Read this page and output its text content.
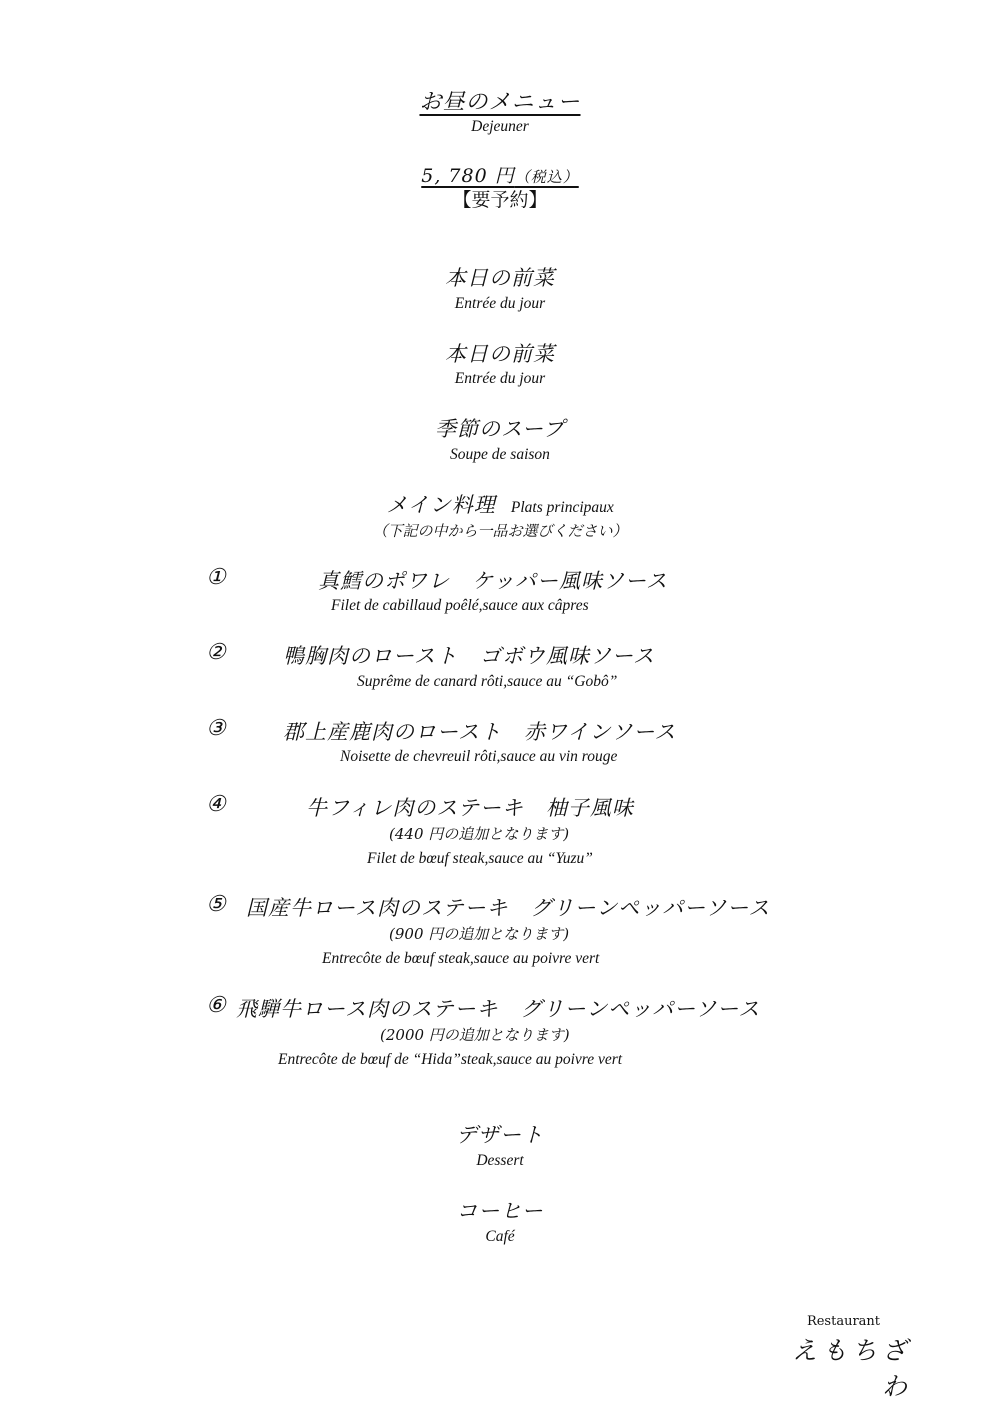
お昼のメニュー
Dejeuner
5, 780 円（税込）
【要予約】
本日の前菜
Entrée du jour
本日の前菜
Entrée du jour
季節のスープ
Soupe de saison
メイン料理 Plats principaux
（下記の中から一品お選びください）
①	真鱈のポワレ　ケッパー風味ソース
Filet de cabillaud poêlé,sauce aux câpres
②	鴨胸肉のロースト　ゴボウ風味ソース
Suprême de canard rôti,sauce au “Gobô”
③	郡上産鹿肉のロースト　赤ワインソース
Noisette de chevreuil rôti,sauce au vin rouge
④	牛フィレ肉のステーキ　柚子風味
(440 円の追加となります)
Filet de bœuf steak,sauce au “Yuzu”
⑤ 国産牛ロース肉のステーキ　グリーンペッパーソース
(900 円の追加となります)
Entrecôte de bœuf steak,sauce au poivre vert
⑥ 飛騨牛ロース肉のステーキ　グリーンペッパーソース
(2000 円の追加となります)
Entrecôte de bœuf de “Hida”steak,sauce au poivre vert
デザート
Dessert
コーヒー
Café
Restaurant
えもちざわ
